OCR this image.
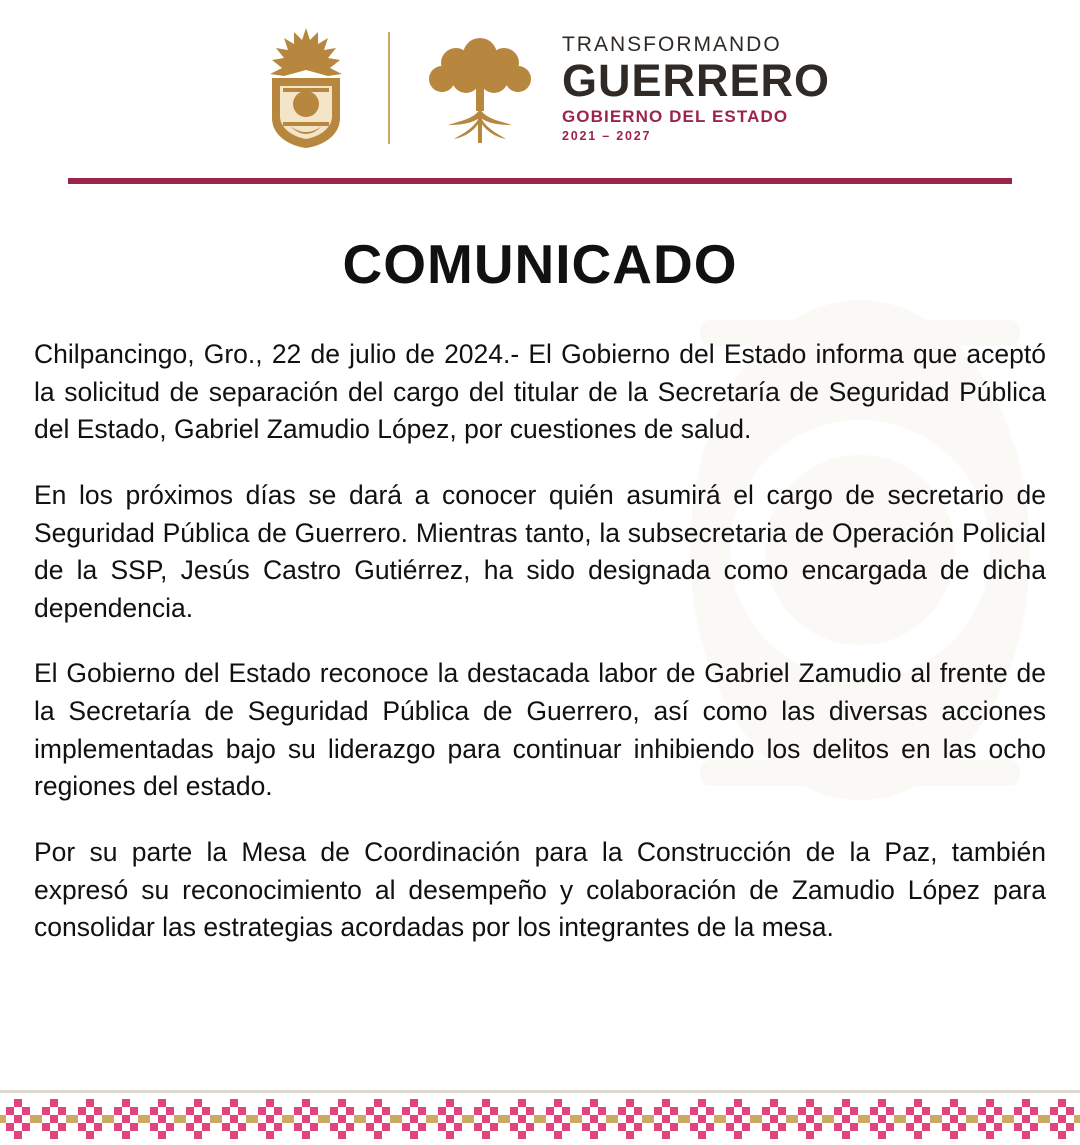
TRANSFORMANDO
GUERRERO
GOBIERNO DEL ESTADO
2021 – 2027
COMUNICADO

Chilpancingo, Gro., 22 de julio de 2024.- El Gobierno del Estado informa que aceptó la solicitud de separación del cargo del titular de la Secretaría de Seguridad Pública del Estado, Gabriel Zamudio López, por cuestiones de salud.

En los próximos días se dará a conocer quién asumirá el cargo de secretario de Seguridad Pública de Guerrero. Mientras tanto, la subsecretaria de Operación Policial de la SSP, Jesús Castro Gutiérrez, ha sido designada como encargada de dicha dependencia.

El Gobierno del Estado reconoce la destacada labor de Gabriel Zamudio al frente de la Secretaría de Seguridad Pública de Guerrero, así como las diversas acciones implementadas bajo su liderazgo para continuar inhibiendo los delitos en las ocho regiones del estado.

Por su parte la Mesa de Coordinación para la Construcción de la Paz, también expresó su reconocimiento al desempeño y colaboración de Zamudio López para consolidar las estrategias acordadas por los integrantes de la mesa.
